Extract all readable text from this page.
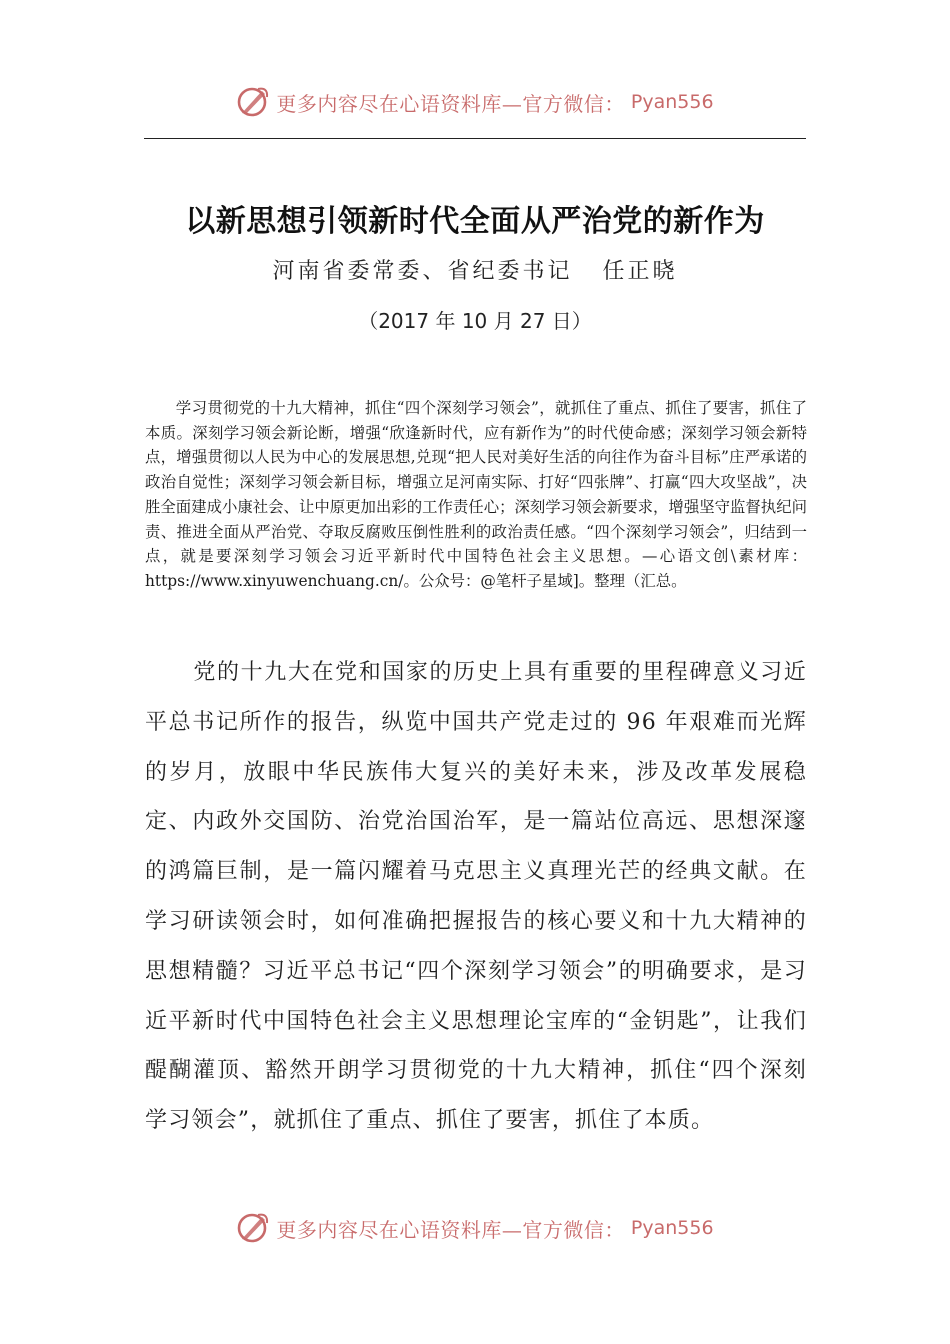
更多内容尽在心语资料库—官方微信： Pyan556
以新思想引领新时代全面从严治党的新作为
河南省委常委、省纪委书记   任正晓
（2017 年 10 月 27 日）
学习贯彻党的十九大精神，抓住“四个深刻学习领会”，就抓住了重点、抓住了要害，抓住了本质。深刻学习领会新论断，增强“欣逢新时代，应有新作为”的时代使命感；深刻学习领会新特点，增强贯彻以人民为中心的发展思想,兑现“把人民对美好生活的向往作为奋斗目标”庄严承诺的政治自觉性；深刻学习领会新目标，增强立足河南实际、打好“四张牌”、打赢“四大攻坚战”，决胜全面建成小康社会、让中原更加出彩的工作责任心；深刻学习领会新要求，增强坚守监督执纪问责、推进全面从严治党、夺取反腐败压倒性胜利的政治责任感。“四个深刻学习领会”，归结到一点，就是要深刻学习领会习近平新时代中国特色社会主义思想。—心语文创\素材库：https://www.xinyuwenchuang.cn/。公众号：@笔杆子星域]。整理（汇总。
党的十九大在党和国家的历史上具有重要的里程碑意义习近平总书记所作的报告，纵览中国共产党走过的 96 年艰难而光辉的岁月，放眼中华民族伟大复兴的美好未来，涉及改革发展稳定、内政外交国防、治党治国治军，是一篇站位高远、思想深邃的鸿篇巨制，是一篇闪耀着马克思主义真理光芒的经典文献。在学习研读领会时，如何准确把握报告的核心要义和十九大精神的思想精髓？习近平总书记“四个深刻学习领会”的明确要求，是习近平新时代中国特色社会主义思想理论宝库的“金钥匙”，让我们醍醐灌顶、豁然开朗学习贯彻党的十九大精神，抓住“四个深刻学习领会”，就抓住了重点、抓住了要害，抓住了本质。
更多内容尽在心语资料库—官方微信： Pyan556
